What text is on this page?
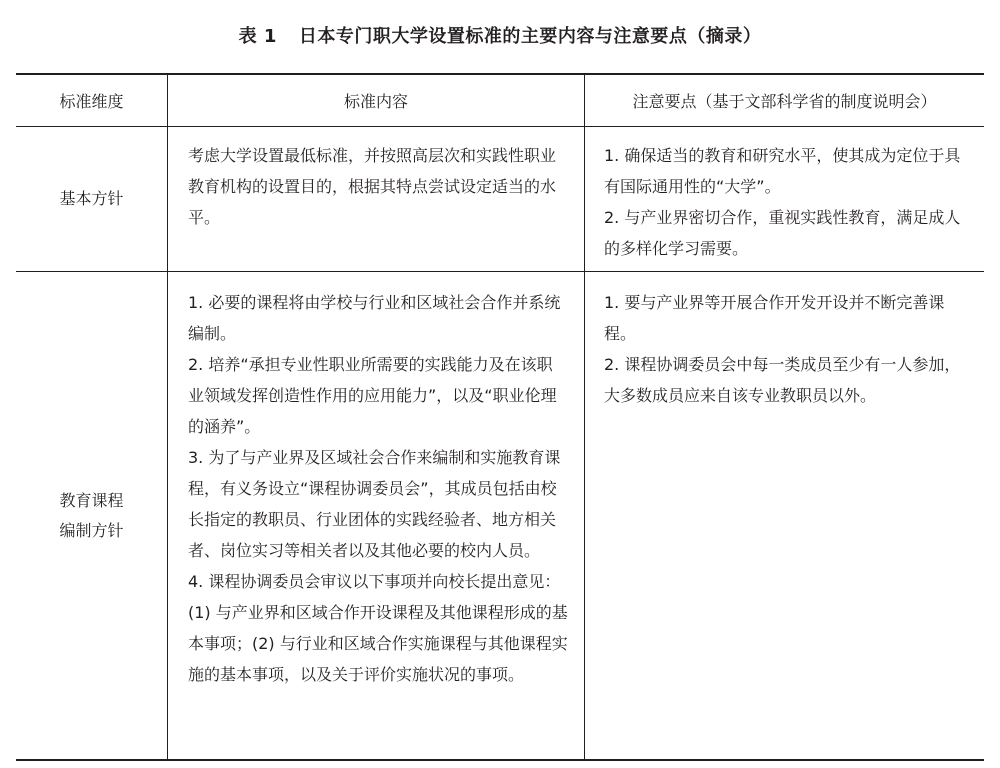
表 1 日本专门职大学设置标准的主要内容与注意要点（摘录）
标准维度	标准内容	注意要点（基于文部科学省的制度说明会）
基本方针

考虑大学设置最低标准，并按照高层次和实践性职业教育机构的设置目的，根据其特点尝试设定适当的水平。

1. 确保适当的教育和研究水平，使其成为定位于具有国际通用性的“大学”。

2. 与产业界密切合作，重视实践性教育，满足成人的多样化学习需要。

教育课程
编制方针

1. 必要的课程将由学校与行业和区域社会合作并系统编制。

2. 培养“承担专业性职业所需要的实践能力及在该职业领域发挥创造性作用的应用能力”，以及“职业伦理的涵养”。

3. 为了与产业界及区域社会合作来编制和实施教育课程，有义务设立“课程协调委员会”，其成员包括由校长指定的教职员、行业团体的实践经验者、地方相关者、岗位实习等相关者以及其他必要的校内人员。

4. 课程协调委员会审议以下事项并向校长提出意见：(1) 与产业界和区域合作开设课程及其他课程形成的基本事项；(2) 与行业和区域合作实施课程与其他课程实施的基本事项，以及关于评价实施状况的事项。

1. 要与产业界等开展合作开发开设并不断完善课程。

2. 课程协调委员会中每一类成员至少有一人参加，大多数成员应来自该专业教职员以外。
